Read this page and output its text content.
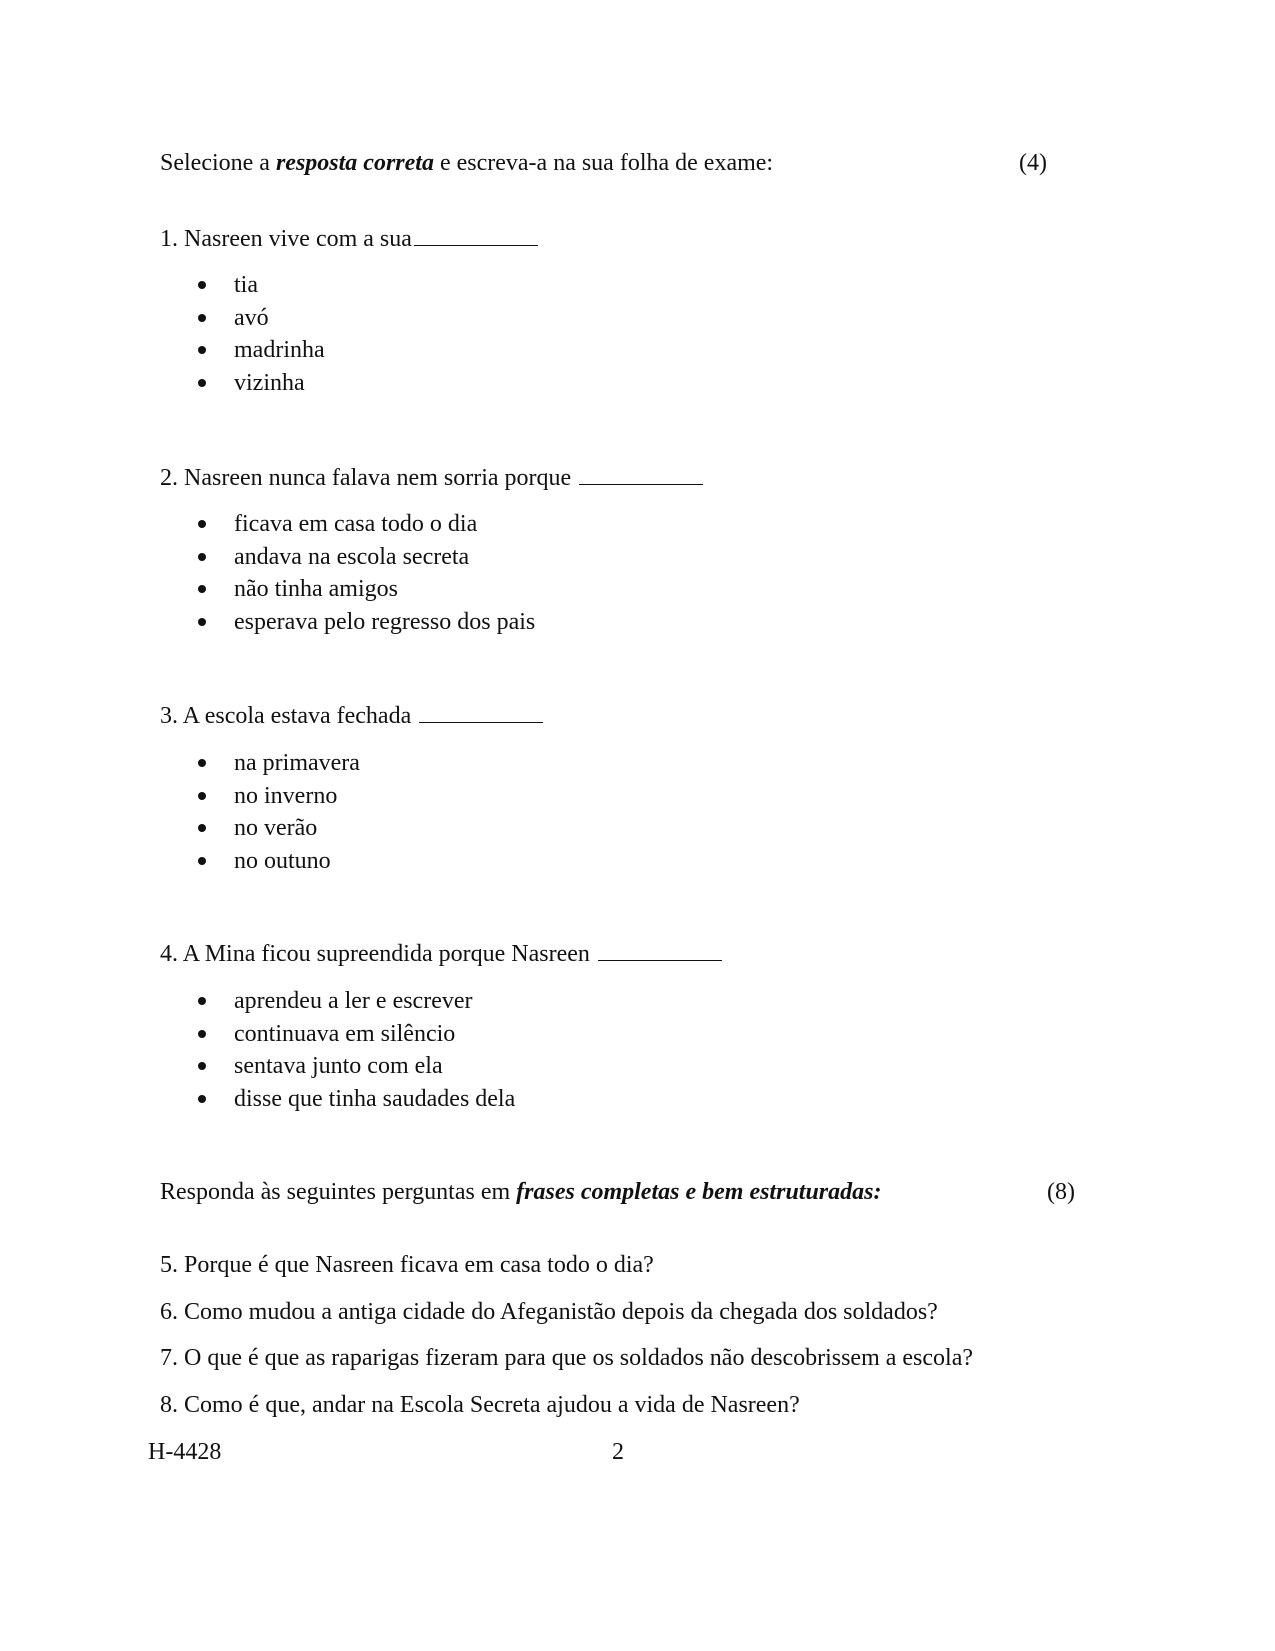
Selecione a resposta correta e escreva-a na sua folha de exame:	(4)
1. Nasreen vive com a sua
tia
avó
madrinha
vizinha
2. Nasreen nunca falava nem sorria porque
ficava em casa todo o dia
andava na escola secreta
não tinha amigos
esperava pelo regresso dos pais
3. A escola estava fechada
na primavera
no inverno
no verão
no outuno
4. A Mina ficou supreendida porque Nasreen
aprendeu a ler e escrever
continuava em silêncio
sentava junto com ela
disse que tinha saudades dela
Responda às seguintes perguntas em frases completas e bem estruturadas:	(8)
5. Porque é que Nasreen ficava em casa todo o dia?
6. Como mudou a antiga cidade do Afeganistão depois da chegada dos soldados?
7. O que é que as raparigas fizeram para que os soldados não descobrissem a escola?
8. Como é que, andar na Escola Secreta ajudou a vida de Nasreen?
H-4428	2
